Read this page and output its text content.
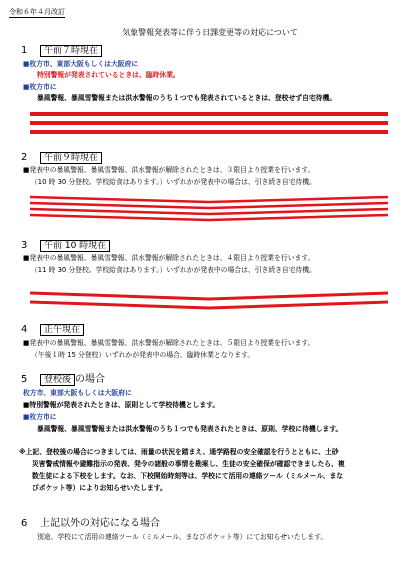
令和６年４月改訂
気象警報発表等に伴う日課変更等の対応について
1 午前７時現在
■枚方市、東部大阪もしくは大阪府に
特別警報が発表されているときは、臨時休業。
■枚方市に
暴風警報、暴風雪警報または洪水警報のうち１つでも発表されているときは、登校せず自宅待機。
2 午前９時現在
■発表中の暴風警報、暴風雪警報、洪水警報が解除されたときは、３限目より授業を行います。
（10 時 30 分登校。学校給食はあります。）いずれかが発表中の場合は、引き続き自宅待機。
3 午前 10 時現在
■発表中の暴風警報、暴風雪警報、洪水警報が解除されたときは、４限目より授業を行います。
（11 時 30 分登校。学校給食はあります。）いずれかが発表中の場合は、引き続き自宅待機。
4 正午現在
■発表中の暴風警報、暴風雪警報、洪水警報が解除されたときは、５限目より授業を行います。
（午後１時 15 分登校）いずれかが発表中の場合、臨時休業となります。
5 登校後 の場合
枚方市、東部大阪もしくは大阪府に
■特別警報が発表されたときは、原則として学校待機とします。
■枚方市に
暴風警報、暴風雪警報または洪水警報のうち１つでも発表されたときは、原則、学校に待機します。
※上記、登校後の場合につきましては、雨量の状況を踏まえ、通学路程の安全確認を行うとともに、土砂
災害警戒情報や避難指示の発表、発令の諸般の事情を勘案し、生徒の安全確保が確認できましたら、複
数生徒による下校をします。なお、下校開始時刻等は、学校にて活用の連絡ツール（ミルメール、まな
びポケット等）によりお知らせいたします。
6 上記以外の対応になる場合
別途、学校にて活用の連絡ツール（ミルメール、まなびポケット等）にてお知らせいたします。
